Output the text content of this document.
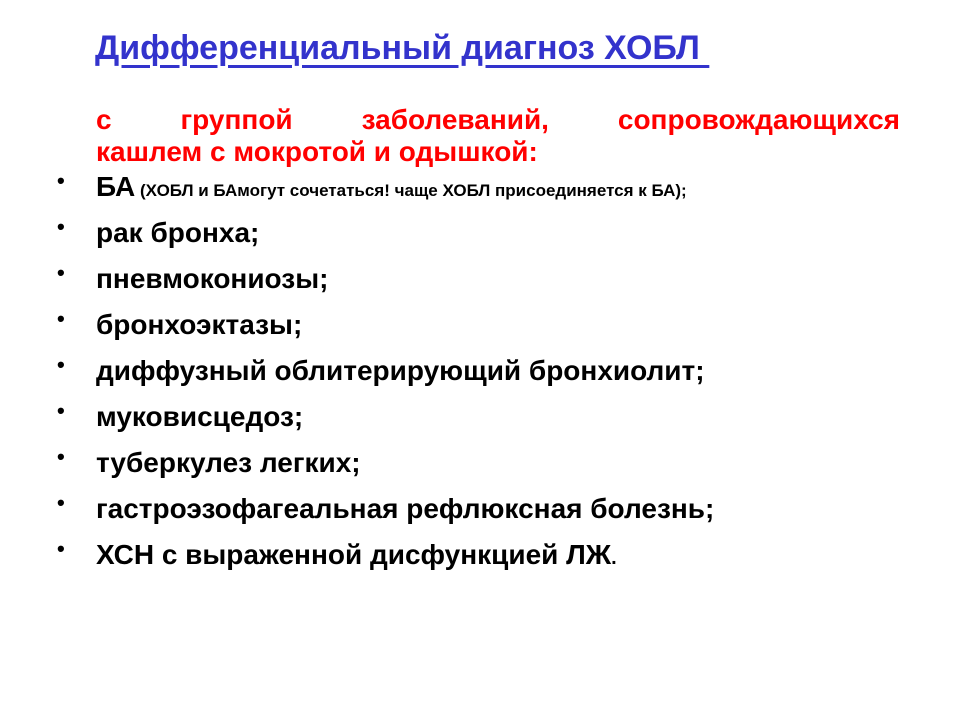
Дифференциальный диагноз ХОБЛ

с группой заболеваний, сопровождающихся
кашлем с мокротой и одышкой:

• БА (ХОБЛ и БАмогут сочетаться! чаще ХОБЛ присоединяется к БА);
• рак бронха;
• пневмокониозы;
• бронхоэктазы;
• диффузный облитерирующий бронхиолит;
• муковисцедоз;
• туберкулез легких;
• гастроэзофагеальная рефлюксная болезнь;
• ХСН с выраженной дисфункцией ЛЖ.
